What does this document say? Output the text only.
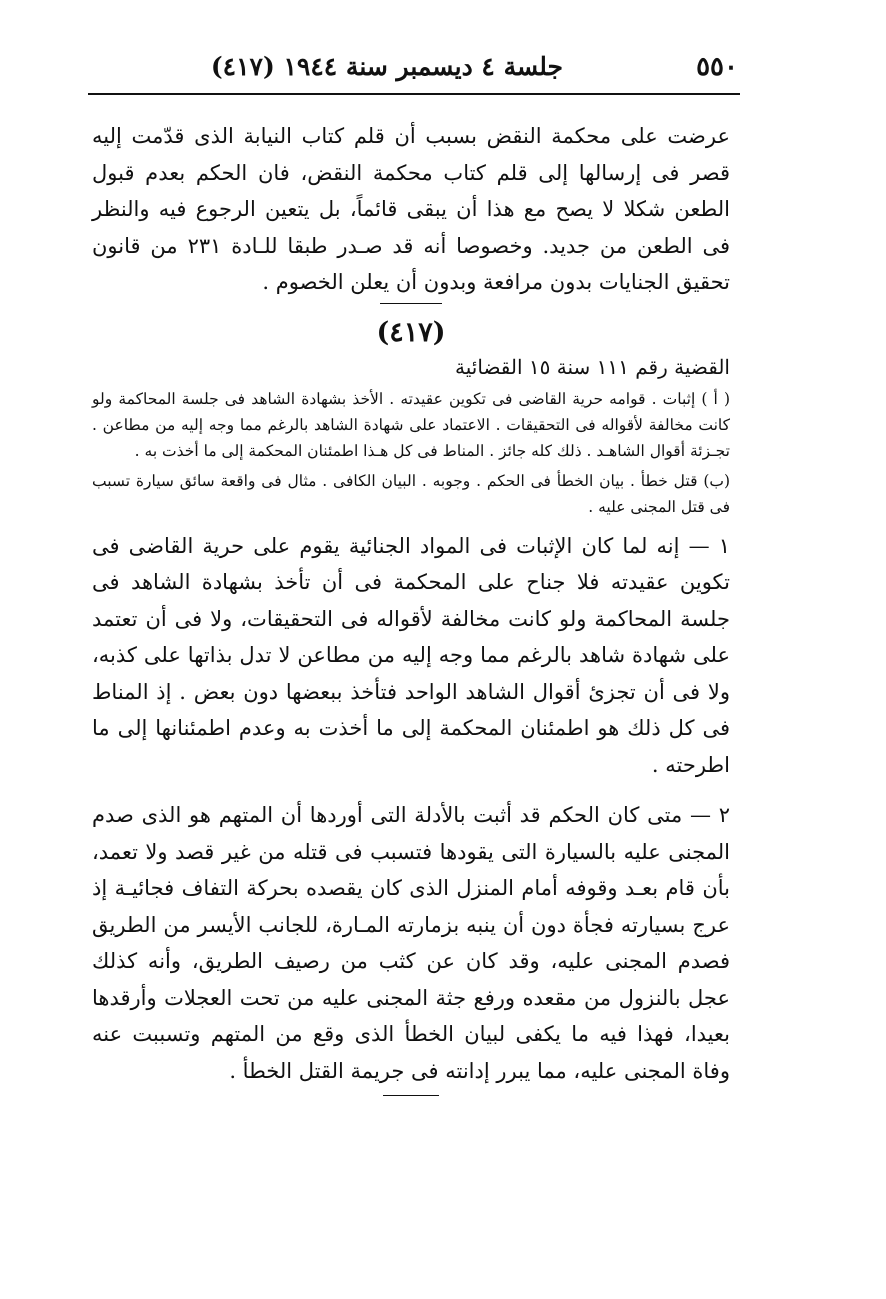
٥٥٠
جلسة ٤ ديسمبر سنة ١٩٤٤ (٤١٧)

عرضت على محكمة النقض بسبب أن قلم كتاب النيابة الذى قدّمت إليه قصر فى إرسالها إلى قلم كتاب محكمة النقض، فان الحكم بعدم قبول الطعن شكلا لا يصح مع هذا أن يبقى قائماً، بل يتعين الرجوع فيه والنظر فى الطعن من جديد. وخصوصا أنه قد صـدر طبقا للـادة ٢٣١ من قانون تحقيق الجنايات بدون مرافعة وبدون أن يعلن الخصوم .

(٤١٧)
القضية رقم ١١١ سنة ١٥ القضائية

( أ ) إثبات . قوامه حرية القاضى فى تكوين عقيدته . الأخذ بشهادة الشاهد فى جلسة المحاكمة ولو كانت مخالفة لأقواله فى التحقيقات . الاعتماد على شهادة الشاهد بالرغم مما وجه إليه من مطاعن . تجـزئة أقوال الشاهـد . ذلك كله جائز . المناط فى كل هـذا اطمئنان المحكمة إلى ما أخذت به .

(ب) قتل خطأ . بيان الخطأ فى الحكم . وجوبه . البيان الكافى . مثال فى واقعة سائق سيارة تسبب فى قتل المجنى عليه .

١ — إنه لما كان الإثبات فى المواد الجنائية يقوم على حرية القاضى فى تكوين عقيدته فلا جناح على المحكمة فى أن تأخذ بشهادة الشاهد فى جلسة المحاكمة ولو كانت مخالفة لأقواله فى التحقيقات، ولا فى أن تعتمد على شهادة شاهد بالرغم مما وجه إليه من مطاعن لا تدل بذاتها على كذبه، ولا فى أن تجزئ أقوال الشاهد الواحد فتأخذ ببعضها دون بعض . إذ المناط فى كل ذلك هو اطمئنان المحكمة إلى ما أخذت به وعدم اطمئنانها إلى ما اطرحته .

٢ — متى كان الحكم قد أثبت بالأدلة التى أوردها أن المتهم هو الذى صدم المجنى عليه بالسيارة التى يقودها فتسبب فى قتله من غير قصد ولا تعمد، بأن قام بعـد وقوفه أمام المنزل الذى كان يقصده بحركة التفاف فجائيـة إذ عرج بسيارته فجأة دون أن ينبه بزمارته المـارة، للجانب الأيسر من الطريق فصدم المجنى عليه، وقد كان عن كثب من رصيف الطريق، وأنه كذلك عجل بالنزول من مقعده ورفع جثة المجنى عليه من تحت العجلات وأرقدها بعيدا، فهذا فيه ما يكفى لبيان الخطأ الذى وقع من المتهم وتسببت عنه وفاة المجنى عليه، مما يبرر إدانته فى جريمة القتل الخطأ .
